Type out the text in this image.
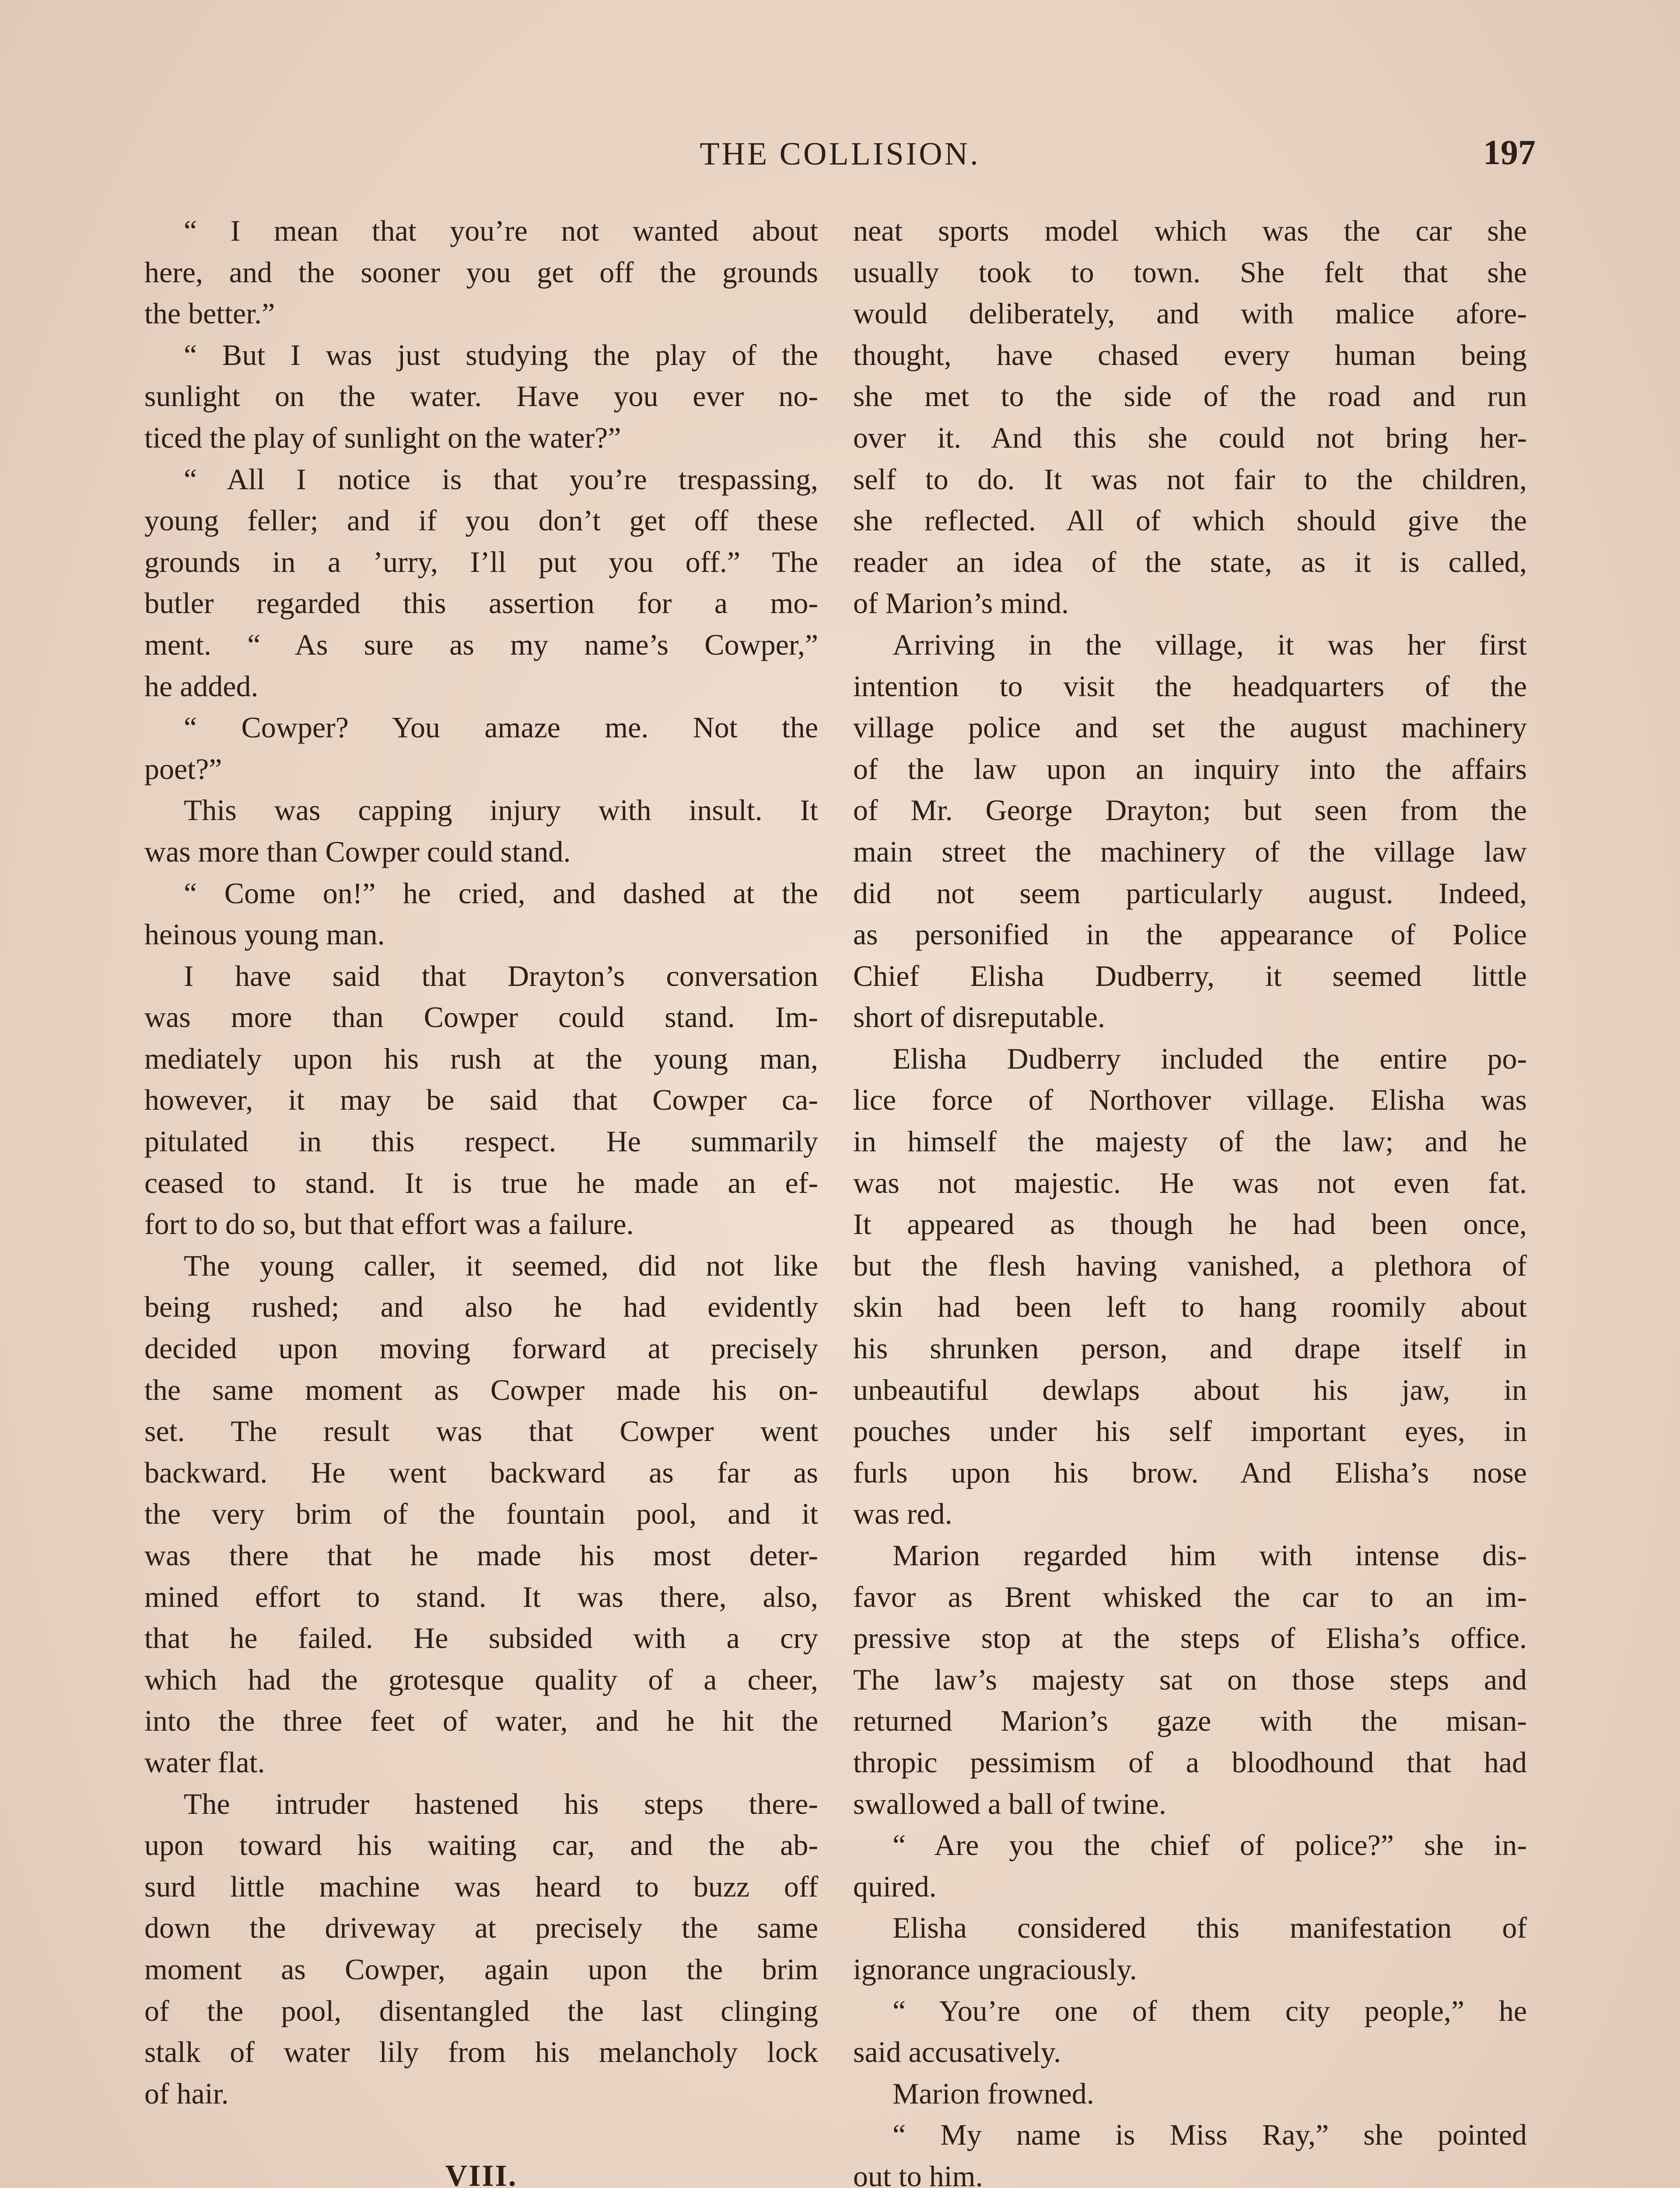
THE COLLISION.	197
“ I mean that you’re not wanted about
here, and the sooner you get off the grounds
the better.”
“ But I was just studying the play of the
sunlight on the water. Have you ever no-
ticed the play of sunlight on the water?”
“ All I notice is that you’re trespassing,
young feller; and if you don’t get off these
grounds in a ’urry, I’ll put you off.” The
butler regarded this assertion for a mo-
ment. “ As sure as my name’s Cowper,”
he added.
“ Cowper? You amaze me. Not the
poet?”
This was capping injury with insult. It
was more than Cowper could stand.
“ Come on!” he cried, and dashed at the
heinous young man.
I have said that Drayton’s conversation
was more than Cowper could stand. Im-
mediately upon his rush at the young man,
however, it may be said that Cowper ca-
pitulated in this respect. He summarily
ceased to stand. It is true he made an ef-
fort to do so, but that effort was a failure.
The young caller, it seemed, did not like
being rushed; and also he had evidently
decided upon moving forward at precisely
the same moment as Cowper made his on-
set. The result was that Cowper went
backward. He went backward as far as
the very brim of the fountain pool, and it
was there that he made his most deter-
mined effort to stand. It was there, also,
that he failed. He subsided with a cry
which had the grotesque quality of a cheer,
into the three feet of water, and he hit the
water flat.
The intruder hastened his steps there-
upon toward his waiting car, and the ab-
surd little machine was heard to buzz off
down the driveway at precisely the same
moment as Cowper, again upon the brim
of the pool, disentangled the last clinging
stalk of water lily from his melancholy lock
of hair.
VIII.
neat sports model which was the car she
usually took to town. She felt that she
would deliberately, and with malice afore-
thought, have chased every human being
she met to the side of the road and run
over it. And this she could not bring her-
self to do. It was not fair to the children,
she reflected. All of which should give the
reader an idea of the state, as it is called,
of Marion’s mind.
Arriving in the village, it was her first
intention to visit the headquarters of the
village police and set the august machinery
of the law upon an inquiry into the affairs
of Mr. George Drayton; but seen from the
main street the machinery of the village law
did not seem particularly august. Indeed,
as personified in the appearance of Police
Chief Elisha Dudberry, it seemed little
short of disreputable.
Elisha Dudberry included the entire po-
lice force of Northover village. Elisha was
in himself the majesty of the law; and he
was not majestic. He was not even fat.
It appeared as though he had been once,
but the flesh having vanished, a plethora of
skin had been left to hang roomily about
his shrunken person, and drape itself in
unbeautiful dewlaps about his jaw, in
pouches under his self important eyes, in
furls upon his brow. And Elisha’s nose
was red.
Marion regarded him with intense dis-
favor as Brent whisked the car to an im-
pressive stop at the steps of Elisha’s office.
The law’s majesty sat on those steps and
returned Marion’s gaze with the misan-
thropic pessimism of a bloodhound that had
swallowed a ball of twine.
“ Are you the chief of police?” she in-
quired.
Elisha considered this manifestation of
ignorance ungraciously.
“ You’re one of them city people,” he
said accusatively.
Marion frowned.
“ My name is Miss Ray,” she pointed
out to him.
